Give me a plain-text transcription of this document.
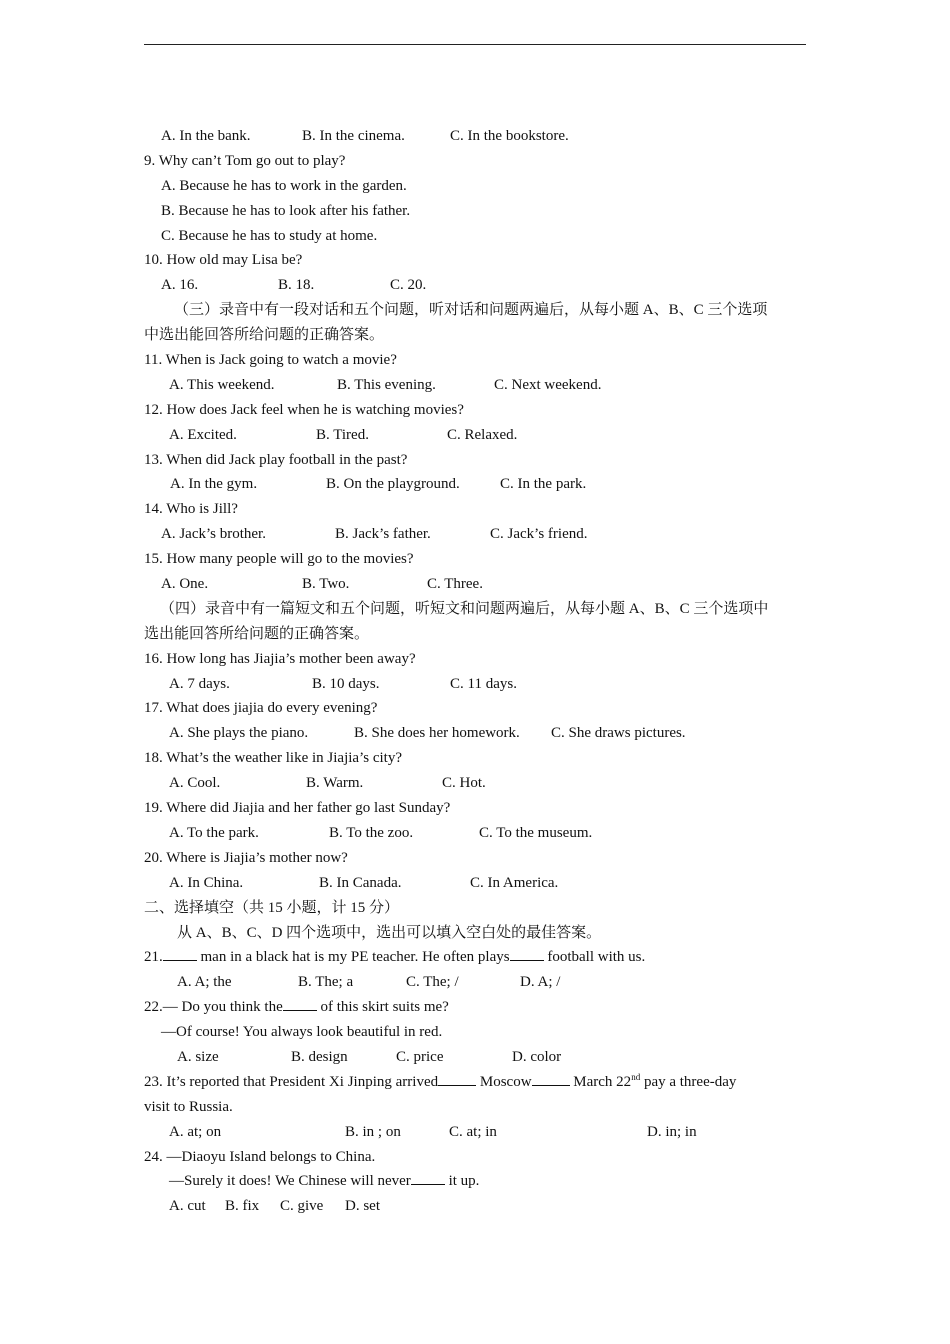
A. In the bank.	B. In the cinema.	C. In the bookstore.
9. Why can’t Tom go out to play?
A. Because he has to work in the garden.
B. Because he has to look after his father.
C. Because he has to study at home.
10. How old may Lisa be?
A. 16.	B. 18.	C. 20.
（三）录音中有一段对话和五个问题，听对话和问题两遍后，从每小题 A、B、C 三个选项
中选出能回答所给问题的正确答案。
11. When is Jack going to watch a movie?
A. This weekend.	B. This evening.	C. Next weekend.
12. How does Jack feel when he is watching movies?
A. Excited.	B. Tired.	C. Relaxed.
13. When did Jack play football in the past?
A. In the gym.	B. On the playground.	C. In the park.
14. Who is Jill?
A. Jack’s brother.	B. Jack’s father.	C. Jack’s friend.
15. How many people will go to the movies?
A. One.	B. Two.	C. Three.
（四）录音中有一篇短文和五个问题，听短文和问题两遍后，从每小题 A、B、C 三个选项中
选出能回答所给问题的正确答案。
16. How long has Jiajia’s mother been away?
A. 7 days.	B. 10 days.	C. 11 days.
17. What does jiajia do every evening?
A. She plays the piano.	B. She does her homework. C. She draws pictures.
18. What’s the weather like in Jiajia’s city?
A. Cool.	B. Warm.	C. Hot.
19. Where did Jiajia and her father go last Sunday?
A. To the park.	B. To the zoo.	C. To the museum.
20. Where is Jiajia’s mother now?
A. In China.	B. In Canada.	C. In America.
二、选择填空（共 15 小题，计 15 分）
从 A、B、C、D 四个选项中，选出可以填入空白处的最佳答案。
21. man in a black hat is my PE teacher. He often plays football with us.
A. A; the	B. The; a	C. The; /	D. A; /
22.— Do you think the of this skirt suits me?
—Of course! You always look beautiful in red.
A. size	B. design	C. price	D. color
23. It’s reported that President Xi Jinping arrived	Moscow	March 22nd pay a three-day
visit to Russia.
A. at; on	B. in ; on	C. at; in	D. in; in
24. —Diaoyu Island belongs to China.
—Surely it does! We Chinese will never it up.
A. cut B. fix C. give D. set
